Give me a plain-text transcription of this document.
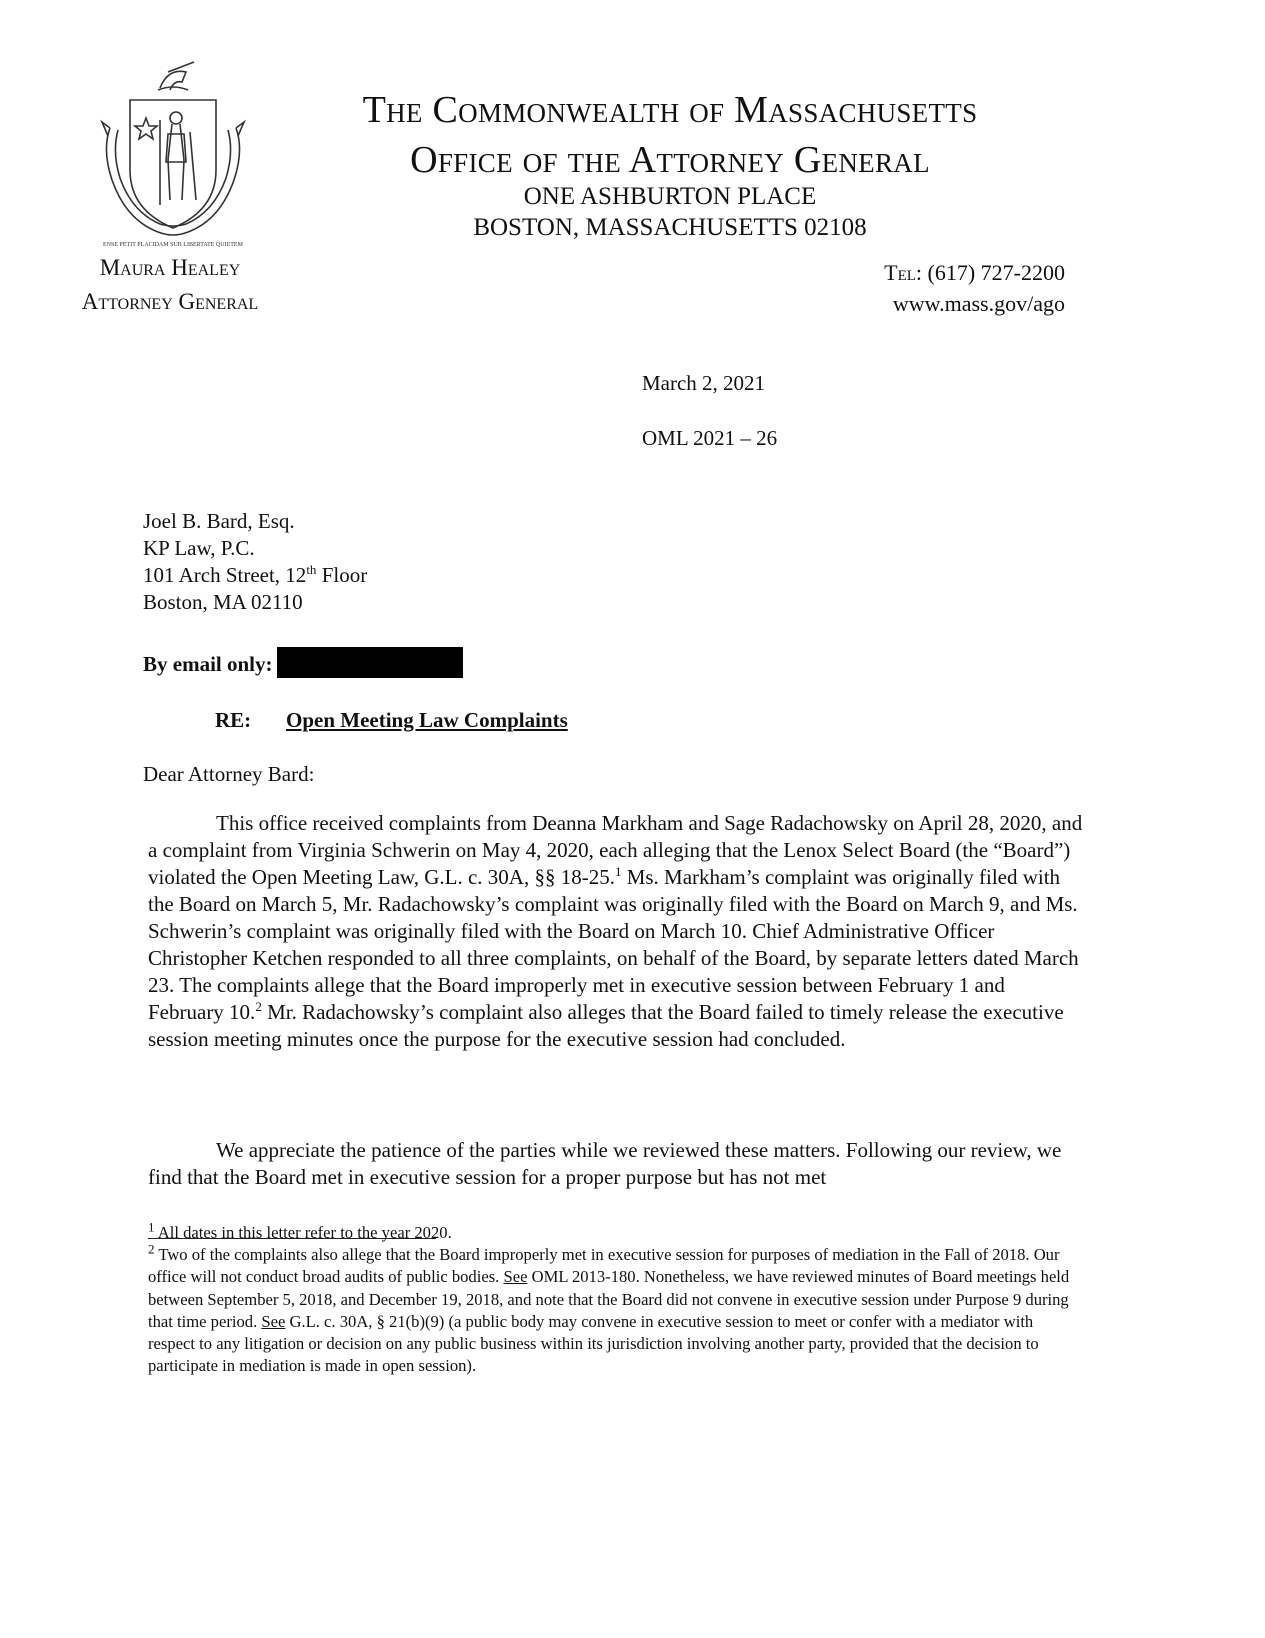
ENSE PETIT PLACIDAM SUB LIBERTATE QUIETEM
The Commonwealth of Massachusetts
Office of the Attorney General
ONE ASHBURTON PLACE
BOSTON, MASSACHUSETTS 02108
Maura Healey
Attorney General
Tel: (617) 727-2200
www.mass.gov/ago
March 2, 2021
OML 2021 – 26
Joel B. Bard, Esq.
KP Law, P.C.
101 Arch Street, 12th Floor
Boston, MA 02110
By email only:
RE: Open Meeting Law Complaints
Dear Attorney Bard:
This office received complaints from Deanna Markham and Sage Radachowsky on April 28, 2020, and a complaint from Virginia Schwerin on May 4, 2020, each alleging that the Lenox Select Board (the “Board”) violated the Open Meeting Law, G.L. c. 30A, §§ 18-25.$^1$ Ms. Markham’s complaint was originally filed with the Board on March 5, Mr. Radachowsky’s complaint was originally filed with the Board on March 9, and Ms. Schwerin’s complaint was originally filed with the Board on March 10. Chief Administrative Officer Christopher Ketchen responded to all three complaints, on behalf of the Board, by separate letters dated March 23. The complaints allege that the Board improperly met in executive session between February 1 and February 10.$^2$ Mr. Radachowsky’s complaint also alleges that the Board failed to timely release the executive session meeting minutes once the purpose for the executive session had concluded.
We appreciate the patience of the parties while we reviewed these matters. Following our review, we find that the Board met in executive session for a proper purpose but has not met
$^1$ All dates in this letter refer to the year 2020.
$^2$ Two of the complaints also allege that the Board improperly met in executive session for purposes of mediation in the Fall of 2018. Our office will not conduct broad audits of public bodies. See OML 2013-180. Nonetheless, we have reviewed minutes of Board meetings held between September 5, 2018, and December 19, 2018, and note that the Board did not convene in executive session under Purpose 9 during that time period. See G.L. c. 30A, § 21(b)(9) (a public body may convene in executive session to meet or confer with a mediator with respect to any litigation or decision on any public business within its jurisdiction involving another party, provided that the decision to participate in mediation is made in open session).
